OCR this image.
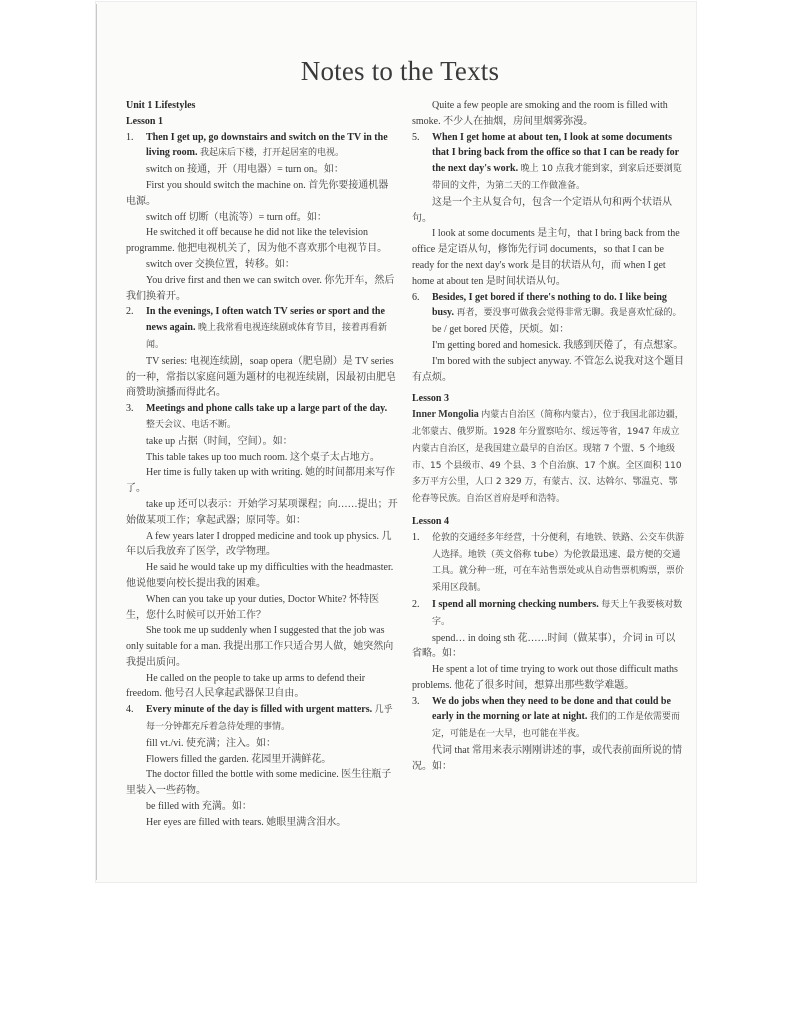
Notes to the Texts
Unit 1 Lifestyles
Lesson 1
1. Then I get up, go downstairs and switch on the TV in the living room. 我起床后下楼，打开起居室的电视。
switch on 接通，开（用电器）= turn on。如：
First you should switch the machine on. 首先你要接通机器电源。
switch off 切断（电流等）= turn off。如：
He switched it off because he did not like the television programme. 他把电视机关了，因为他不喜欢那个电视节目。
switch over 交换位置，转移。如：
You drive first and then we can switch over. 你先开车，然后我们换着开。
2. In the evenings, I often watch TV series or sport and the news again. 晚上我常看电视连续剧或体育节目，接着再看新闻。
TV series: 电视连续剧，soap opera（肥皂剧）是 TV series 的一种，常指以家庭问题为题材的电视连续剧，因最初由肥皂商赞助演播而得此名。
3. Meetings and phone calls take up a large part of the day. 整天会议、电话不断。
take up 占据（时间，空间）。如：
This table takes up too much room. 这个桌子太占地方。
Her time is fully taken up with writing. 她的时间都用来写作了。
take up 还可以表示：开始学习某项课程；向……提出；开始做某项工作；拿起武器；原同等。如：
A few years later I dropped medicine and took up physics. 几年以后我放弃了医学，改学物理。
He said he would take up my difficulties with the headmaster. 他说他要向校长提出我的困难。
When can you take up your duties, Doctor White? 怀特医生，您什么时候可以开始工作？
She took me up suddenly when I suggested that the job was only suitable for a man. 我提出那工作只适合男人做，她突然向我提出质问。
He called on the people to take up arms to defend their freedom. 他号召人民拿起武器保卫自由。
4. Every minute of the day is filled with urgent matters. 几乎每一分钟都充斥着急待处理的事情。
fill vt./vi. 使充满；注入。如：
Flowers filled the garden. 花园里开满鲜花。
The doctor filled the bottle with some medicine. 医生往瓶子里装入一些药物。
be filled with 充满。如：
Her eyes are filled with tears. 她眼里满含泪水。
Quite a few people are smoking and the room is filled with smoke. 不少人在抽烟，房间里烟雾弥漫。
5. When I get home at about ten, I look at some documents that I bring back from the office so that I can be ready for the next day's work. 晚上 10 点我才能到家，到家后还要浏览带回的文件，为第二天的工作做准备。
这是一个主从复合句，包含一个定语从句和两个状语从句。
I look at some documents 是主句，that I bring back from the office 是定语从句，修饰先行词 documents，so that I can be ready for the next day's work 是目的状语从句，而 when I get home at about ten 是时间状语从句。
6. Besides, I get bored if there's nothing to do. I like being busy. 再者，要没事可做我会觉得非常无聊。我是喜欢忙碌的。
be / get bored 厌倦，厌烦。如：
I'm getting bored and homesick. 我感到厌倦了，有点想家。
I'm bored with the subject anyway. 不管怎么说我对这个题目有点烦。
Lesson 3
Inner Mongolia 内蒙古自治区（简称内蒙古），位于我国北部边疆，北邻蒙古、俄罗斯。1928 年分置察哈尔、绥远等省，1947 年成立内蒙古自治区，是我国建立最早的自治区。现辖 7 个盟、5 个地级市、15 个县级市、49 个县、3 个自治旗、17 个旗。全区面积 110 多万平方公里，人口 2 329 万，有蒙古、汉、达斡尔、鄂温克、鄂伦春等民族。自治区首府是呼和浩特。
Lesson 4
1. 伦敦的交通经多年经营，十分便利，有地铁、铁路、公交车供游人选择。地铁（英文俗称 tube）为伦敦最迅速、最方便的交通工具。就分种一班，可在车站售票处或从自动售票机购票，票价采用区段制。
2. I spend all morning checking numbers. 每天上午我要核对数字。
spend… in doing sth 花……时间（做某事），介词 in 可以省略。如：
He spent a lot of time trying to work out those difficult maths problems. 他花了很多时间，想算出那些数学难题。
3. We do jobs when they need to be done and that could be early in the morning or late at night. 我们的工作是依需要而定，可能是在一大早，也可能在半夜。
代词 that 常用来表示刚刚讲述的事，或代表前面所说的情况。如：
